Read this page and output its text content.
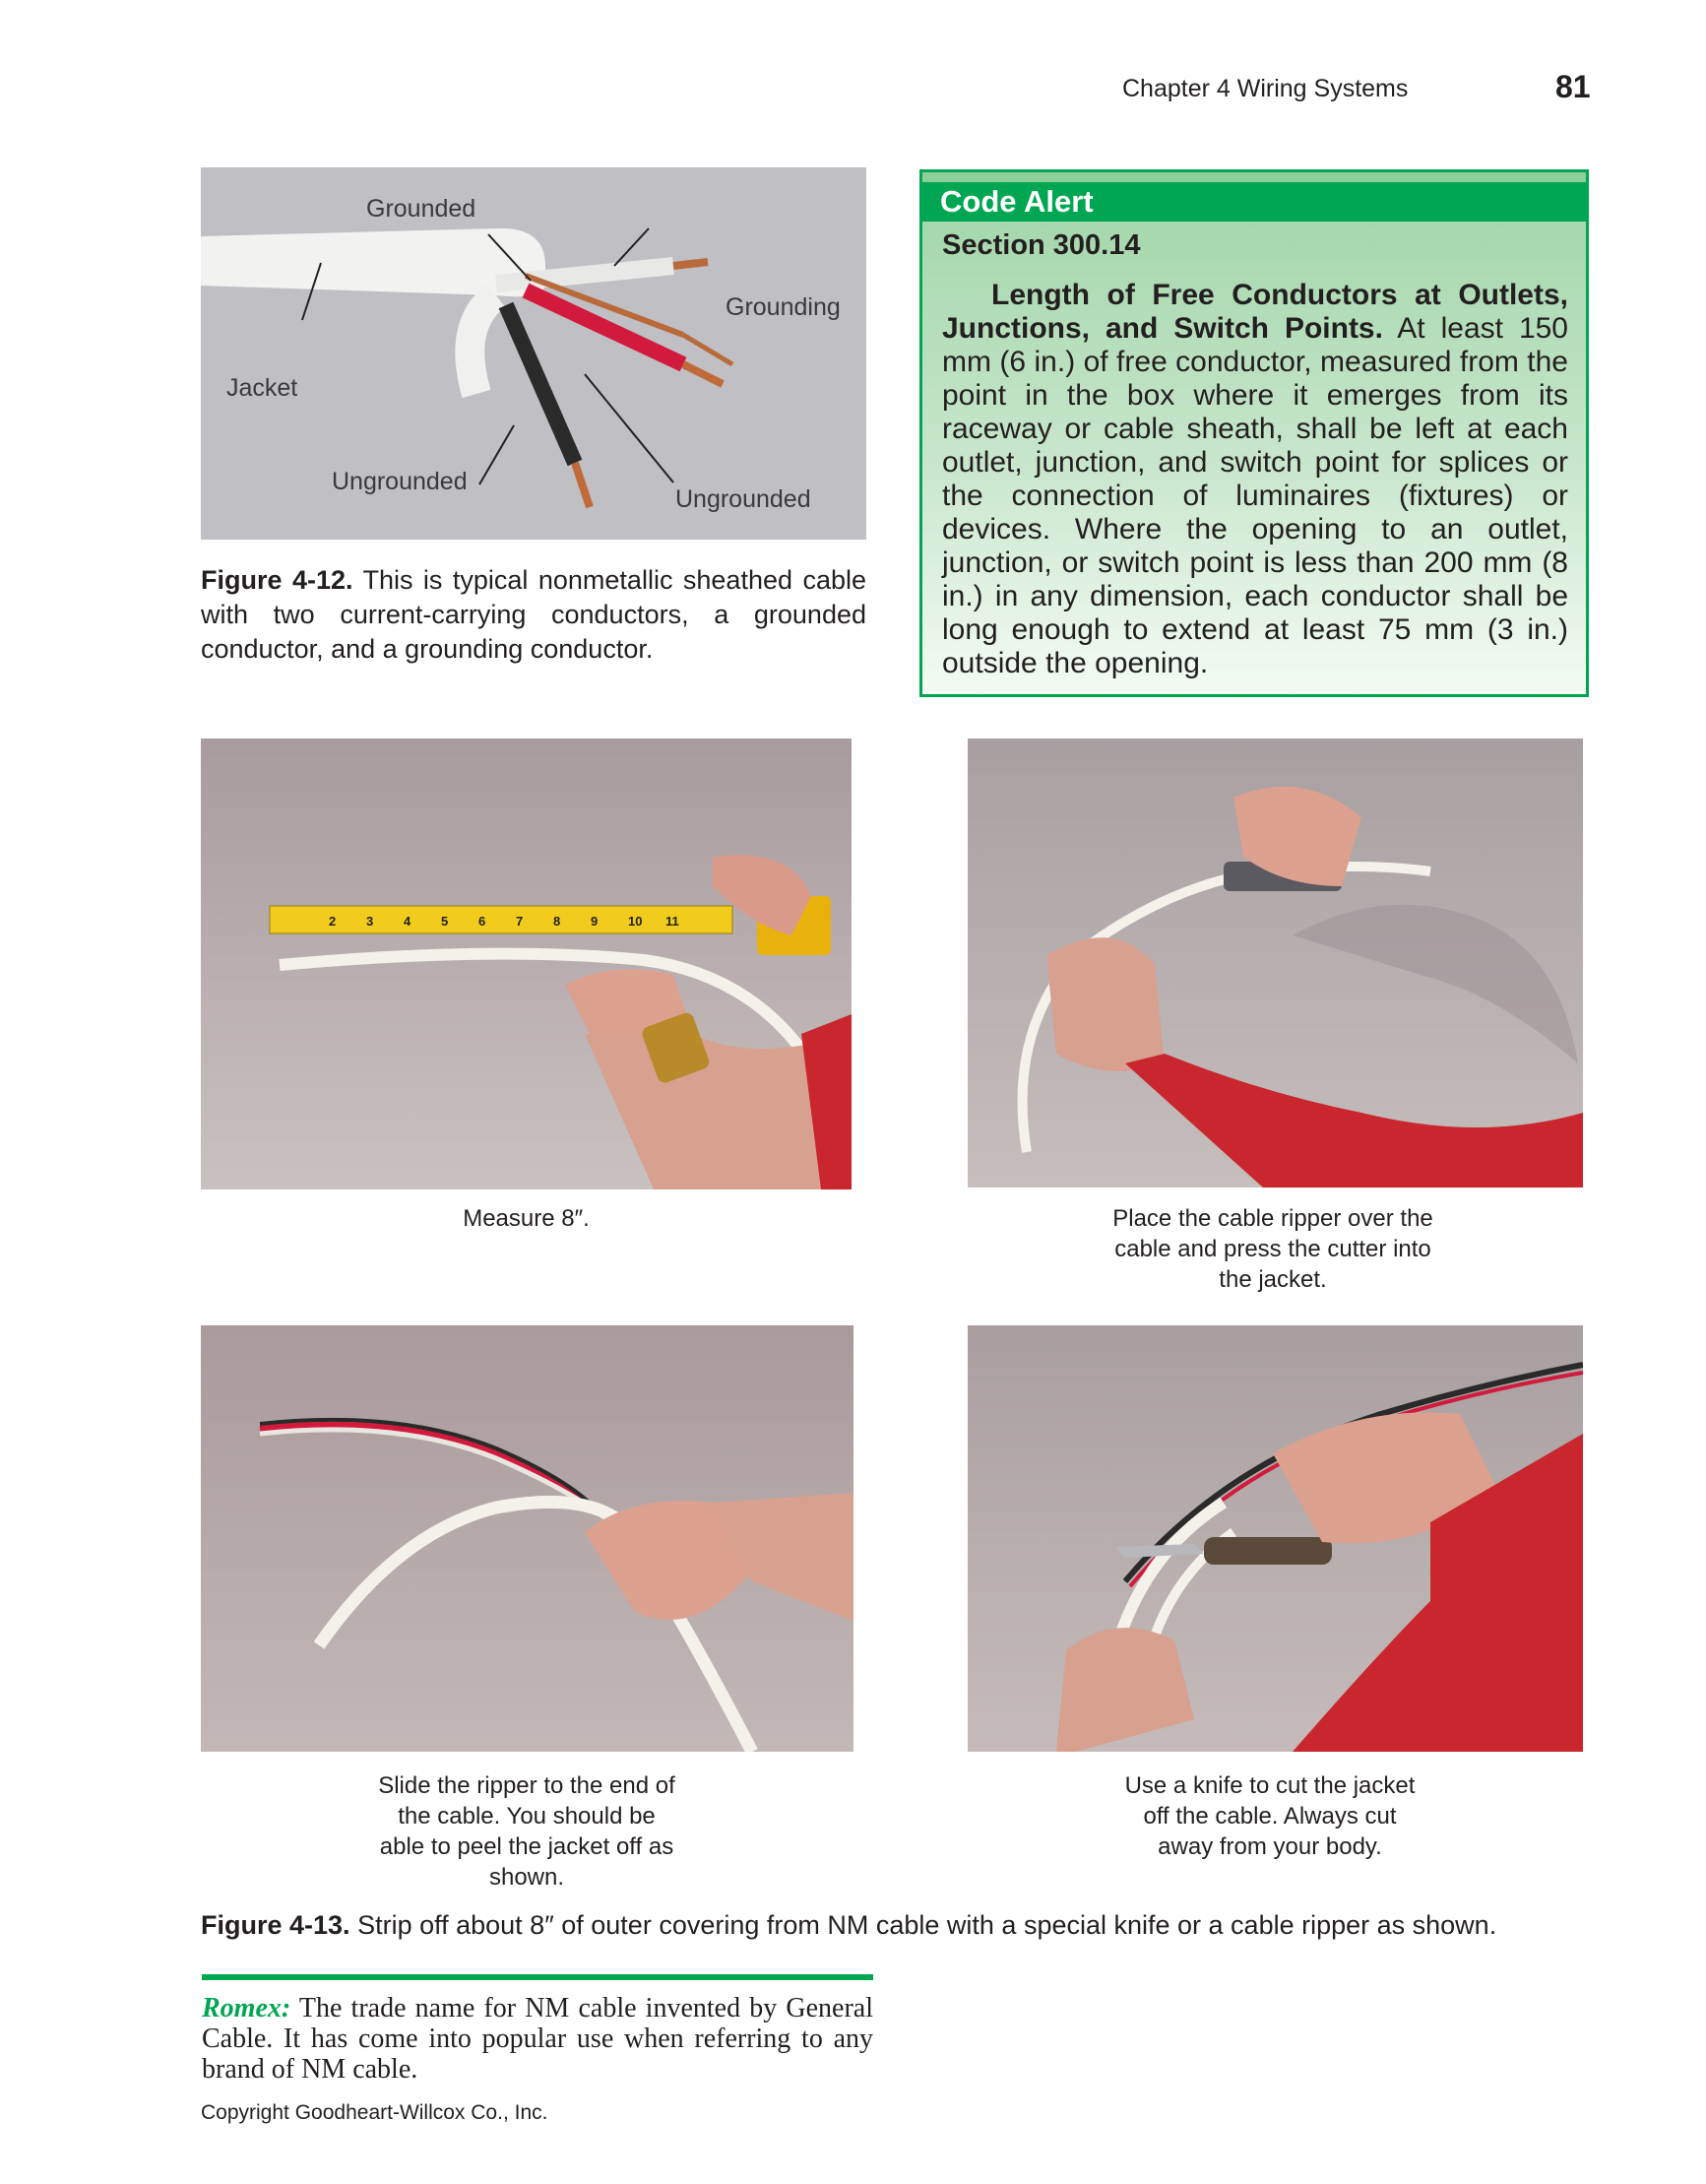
Chapter 4 Wiring Systems	81
Grounded
Grounding
Jacket
Ungrounded
Ungrounded
Figure 4-12. This is typical nonmetallic sheathed cable with two current-carrying conductors, a grounded conductor, and a grounding conductor.
Code Alert
Section 300.14
Length of Free Conductors at Outlets, Junctions, and Switch Points. At least 150 mm (6 in.) of free conductor, measured from the point in the box where it emerges from its raceway or cable sheath, shall be left at each outlet, junction, and switch point for splices or the connection of luminaires (fixtures) or devices. Where the opening to an outlet, junction, or switch point is less than 200 mm (8 in.) in any dimension, each conductor shall be long enough to extend at least 75 mm (3 in.) outside the opening.
2 3 4 5 6 7 8 9 10 11
Measure 8″.	Place the cable ripper over the cable and press the cutter into the jacket.
Slide the ripper to the end of the cable. You should be able to peel the jacket off as shown.
Use a knife to cut the jacket off the cable. Always cut away from your body.
Figure 4-13. Strip off about 8″ of outer covering from NM cable with a special knife or a cable ripper as shown.
Romex: The trade name for NM cable invented by General Cable. It has come into popular use when referring to any brand of NM cable.
Copyright Goodheart-Willcox Co., Inc.
